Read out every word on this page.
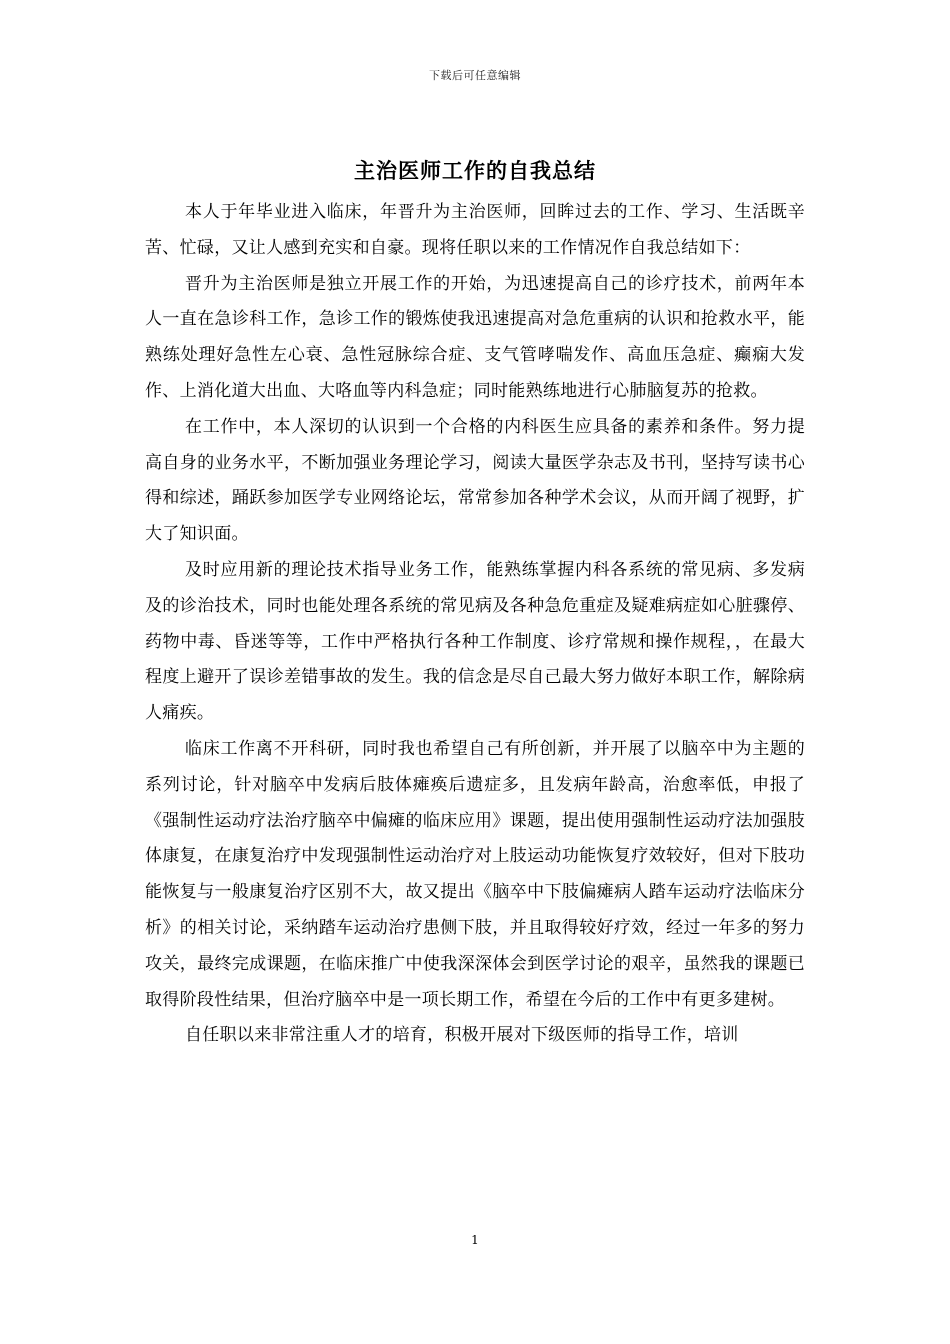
下载后可任意编辑
主治医师工作的自我总结

本人于年毕业进入临床，年晋升为主治医师，回眸过去的工作、学习、生活既辛苦、忙碌，又让人感到充实和自豪。现将任职以来的工作情况作自我总结如下：

晋升为主治医师是独立开展工作的开始，为迅速提高自己的诊疗技术，前两年本人一直在急诊科工作，急诊工作的锻炼使我迅速提高对急危重病的认识和抢救水平，能熟练处理好急性左心衰、急性冠脉综合症、支气管哮喘发作、高血压急症、癫痫大发作、上消化道大出血、大咯血等内科急症；同时能熟练地进行心肺脑复苏的抢救。

在工作中，本人深切的认识到一个合格的内科医生应具备的素养和条件。努力提高自身的业务水平，不断加强业务理论学习，阅读大量医学杂志及书刊，坚持写读书心得和综述，踊跃参加医学专业网络论坛，常常参加各种学术会议，从而开阔了视野，扩大了知识面。

及时应用新的理论技术指导业务工作，能熟练掌握内科各系统的常见病、多发病及的诊治技术，同时也能处理各系统的常见病及各种急危重症及疑难病症如心脏骤停、药物中毒、昏迷等等，工作中严格执行各种工作制度、诊疗常规和操作规程，，在最大程度上避开了误诊差错事故的发生。我的信念是尽自己最大努力做好本职工作，解除病人痛疾。

临床工作离不开科研，同时我也希望自己有所创新，并开展了以脑卒中为主题的系列讨论，针对脑卒中发病后肢体瘫痪后遗症多，且发病年龄高，治愈率低，申报了《强制性运动疗法治疗脑卒中偏瘫的临床应用》课题，提出使用强制性运动疗法加强肢体康复，在康复治疗中发现强制性运动治疗对上肢运动功能恢复疗效较好，但对下肢功能恢复与一般康复治疗区别不大，故又提出《脑卒中下肢偏瘫病人踏车运动疗法临床分析》的相关讨论，采纳踏车运动治疗患侧下肢，并且取得较好疗效，经过一年多的努力攻关，最终完成课题，在临床推广中使我深深体会到医学讨论的艰辛，虽然我的课题已取得阶段性结果，但治疗脑卒中是一项长期工作，希望在今后的工作中有更多建树。

自任职以来非常注重人才的培育，积极开展对下级医师的指导工作，培训

1
